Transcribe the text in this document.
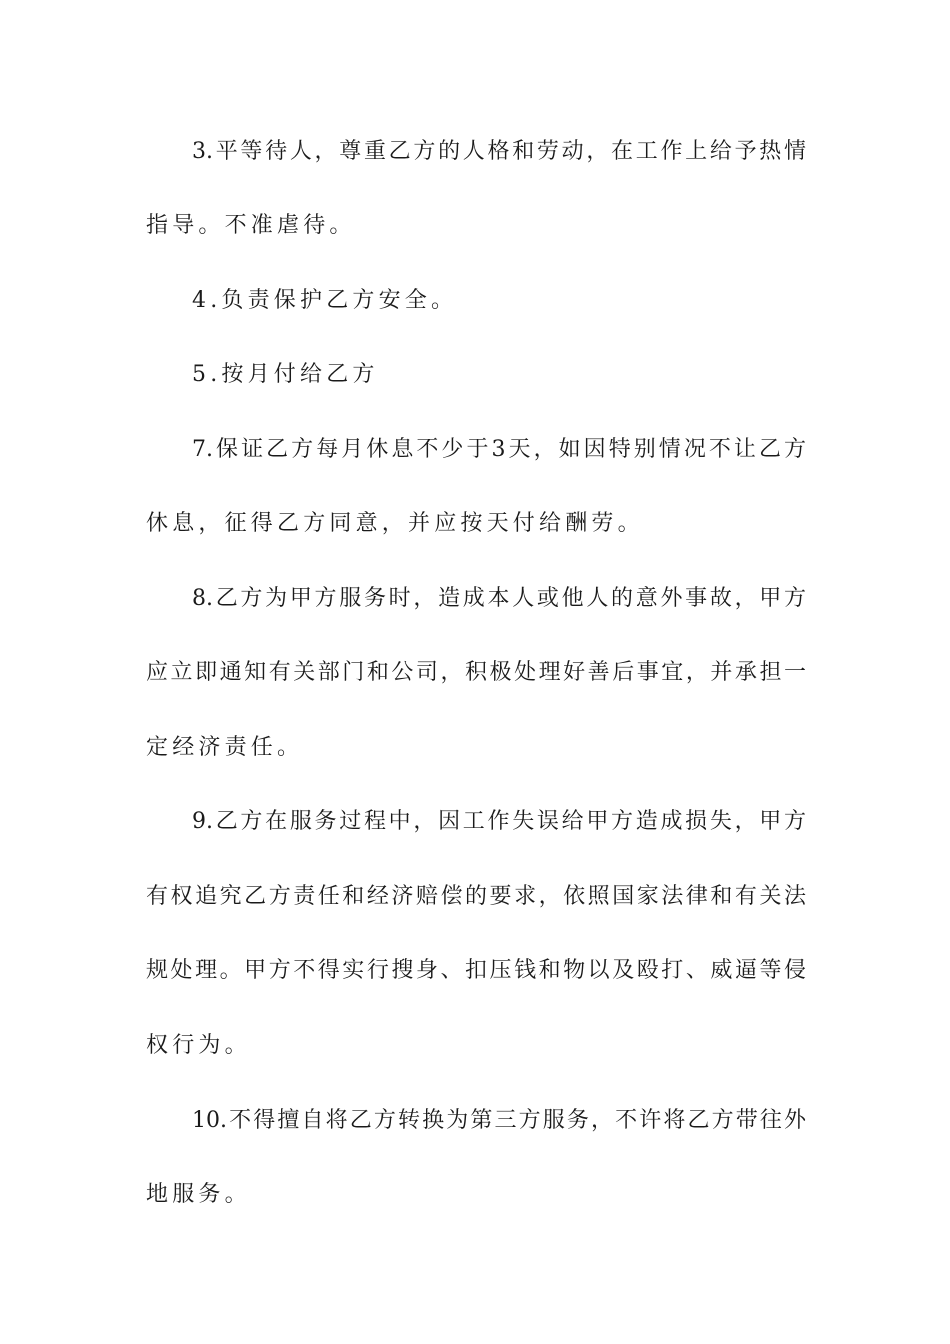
3.平等待人，尊重乙方的人格和劳动，在工作上给予热情
指导。不准虐待。
4.负责保护乙方安全。
5.按月付给乙方
7.保证乙方每月休息不少于3天，如因特别情况不让乙方
休息，征得乙方同意，并应按天付给酬劳。
8.乙方为甲方服务时，造成本人或他人的意外事故，甲方
应立即通知有关部门和公司，积极处理好善后事宜，并承担一
定经济责任。
9.乙方在服务过程中，因工作失误给甲方造成损失，甲方
有权追究乙方责任和经济赔偿的要求，依照国家法律和有关法
规处理。甲方不得实行搜身、扣压钱和物以及殴打、威逼等侵
权行为。
10.不得擅自将乙方转换为第三方服务，不许将乙方带往外
地服务。
